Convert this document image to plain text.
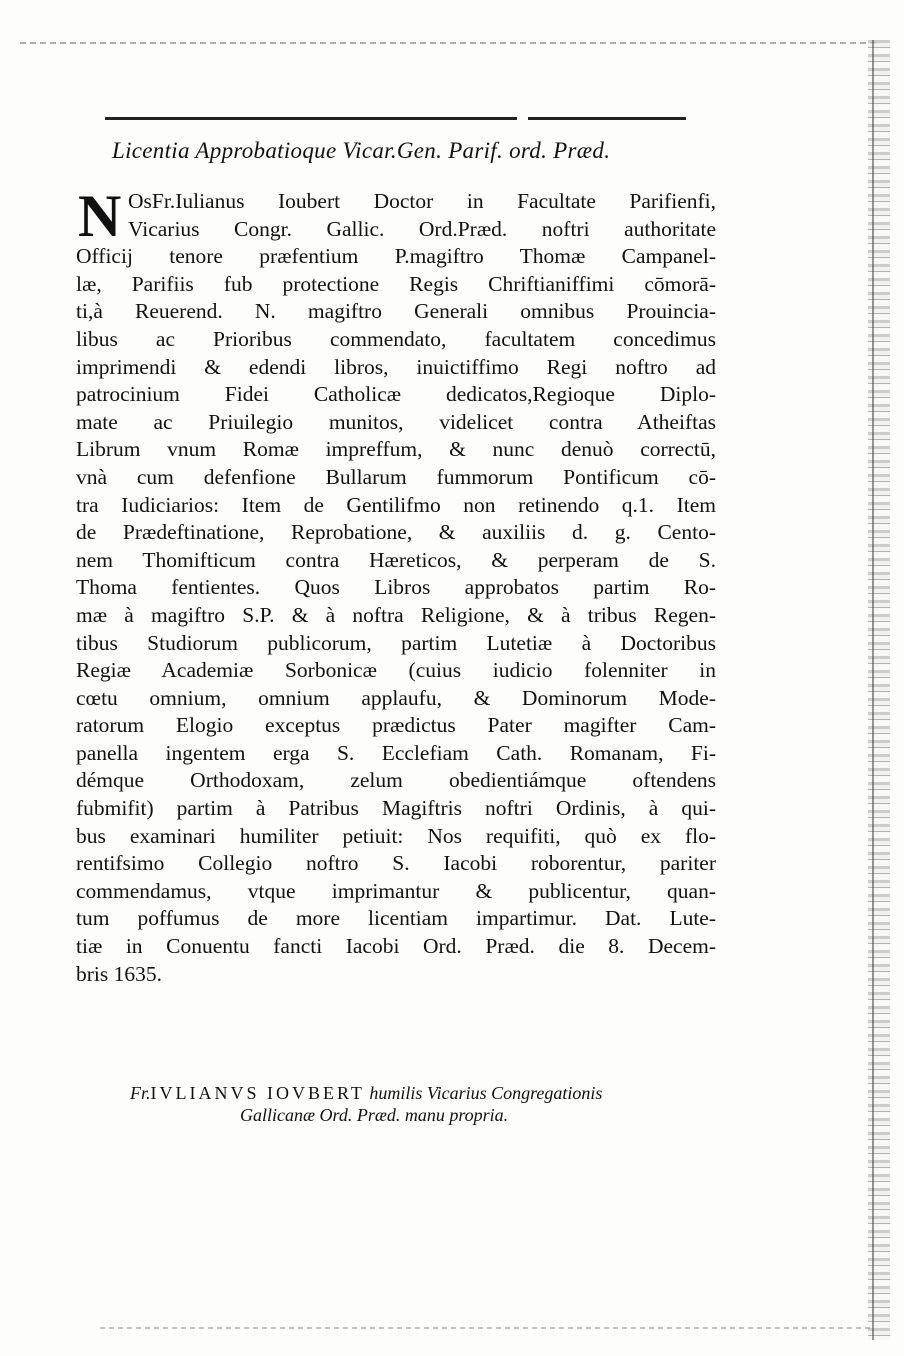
Licentia Approbatioque Vicar.Gen. Parif. ord. Præd.
N OsFr.Iulianus Ioubert Doctor in Facultate Parifienfi,
Vicarius Congr. Gallic. Ord.Præd. noftri authoritate
Officij tenore præfentium P.magiftro Thomæ Campanel-
læ, Parifiis fub protectione Regis Chriftianiffimi cōmorā-
ti,à Reuerend. N. magiftro Generali omnibus Prouincia-
libus ac Prioribus commendato, facultatem concedimus
imprimendi & edendi libros, inuictiffimo Regi noftro ad
patrocinium Fidei Catholicæ dedicatos,Regioque Diplo-
mate ac Priuilegio munitos, videlicet contra Atheiftas
Librum vnum Romæ impreffum, & nunc denuò correctū,
vnà cum defenfione Bullarum fummorum Pontificum cō-
tra Iudiciarios: Item de Gentilifmo non retinendo q.1. Item
de Prædeftinatione, Reprobatione, & auxiliis d. g. Cento-
nem Thomifticum contra Hæreticos, & perperam de S.
Thoma fentientes. Quos Libros approbatos partim Ro-
mæ à magiftro S.P. & à noftra Religione, & à tribus Regen-
tibus Studiorum publicorum, partim Lutetiæ à Doctoribus
Regiæ Academiæ Sorbonicæ (cuius iudicio folenniter in
cœtu omnium, omnium applaufu, & Dominorum Mode-
ratorum Elogio exceptus prædictus Pater magifter Cam-
panella ingentem erga S. Ecclefiam Cath. Romanam, Fi-
démque Orthodoxam, zelum obedientiámque oftendens
fubmifit) partim à Patribus Magiftris noftri Ordinis, à qui-
bus examinari humiliter petiuit: Nos requifiti, quò ex flo-
rentifsimo Collegio noftro S. Iacobi roborentur, pariter
commendamus, vtque imprimantur & publicentur, quan-
tum poffumus de more licentiam impartimur. Dat. Lute-
tiæ in Conuentu fancti Iacobi Ord. Præd. die 8. Decem-
bris 1635.
Fr.IVLIANVS IOVBERT humilis Vicarius Congregationis
Gallicanæ Ord. Præd. manu propria.
